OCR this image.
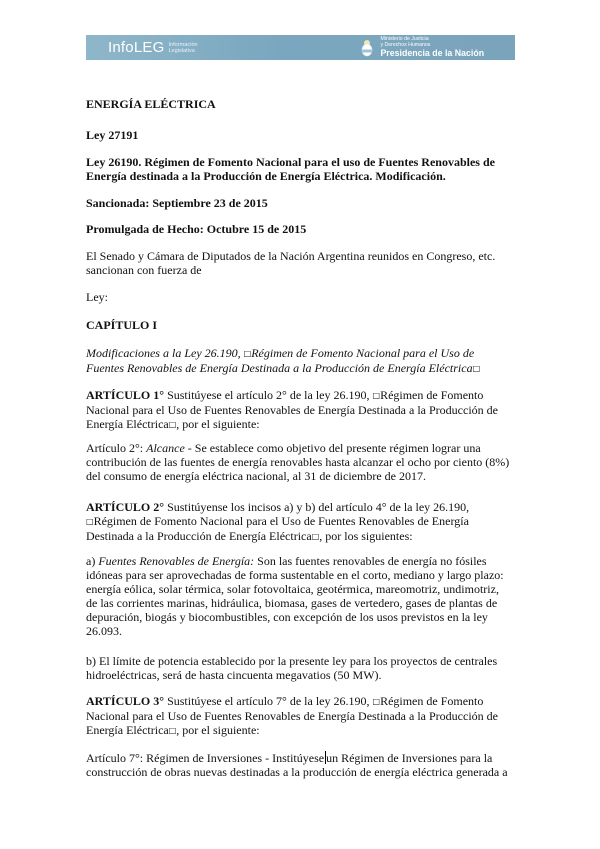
InfoLEG Información
Legislativa
Ministerio de Justicia
y Derechos Humanos
Presidencia de la Nación
ENERGÍA ELÉCTRICA
Ley 27191
Ley 26190. Régimen de Fomento Nacional para el uso de Fuentes Renovables de
Energía destinada a la Producción de Energía Eléctrica. Modificación.
Sancionada: Septiembre 23 de 2015
Promulgada de Hecho: Octubre 15 de 2015
El Senado y Cámara de Diputados de la Nación Argentina reunidos en Congreso, etc.
sancionan con fuerza de
Ley:
CAPÍTULO I
Modificaciones a la Ley 26.190, □Régimen de Fomento Nacional para el Uso de
Fuentes Renovables de Energía Destinada a la Producción de Energía Eléctrica□
ARTÍCULO 1° Sustitúyese el artículo 2° de la ley 26.190, □Régimen de Fomento
Nacional para el Uso de Fuentes Renovables de Energía Destinada a la Producción de
Energía Eléctrica□, por el siguiente:
Artículo 2°: Alcance - Se establece como objetivo del presente régimen lograr una
contribución de las fuentes de energía renovables hasta alcanzar el ocho por ciento (8%)
del consumo de energía eléctrica nacional, al 31 de diciembre de 2017.
ARTÍCULO 2° Sustitúyense los incisos a) y b) del artículo 4° de la ley 26.190,
□Régimen de Fomento Nacional para el Uso de Fuentes Renovables de Energía
Destinada a la Producción de Energía Eléctrica□, por los siguientes:
a) Fuentes Renovables de Energía: Son las fuentes renovables de energía no fósiles
idóneas para ser aprovechadas de forma sustentable en el corto, mediano y largo plazo:
energía eólica, solar térmica, solar fotovoltaica, geotérmica, mareomotriz, undimotriz,
de las corrientes marinas, hidráulica, biomasa, gases de vertedero, gases de plantas de
depuración, biogás y biocombustibles, con excepción de los usos previstos en la ley
26.093.
b) El límite de potencia establecido por la presente ley para los proyectos de centrales
hidroeléctricas, será de hasta cincuenta megavatios (50 MW).
ARTÍCULO 3° Sustitúyese el artículo 7° de la ley 26.190, □Régimen de Fomento
Nacional para el Uso de Fuentes Renovables de Energía Destinada a la Producción de
Energía Eléctrica□, por el siguiente:
Artículo 7°: Régimen de Inversiones - Institúyese un Régimen de Inversiones para la
construcción de obras nuevas destinadas a la producción de energía eléctrica generada a
